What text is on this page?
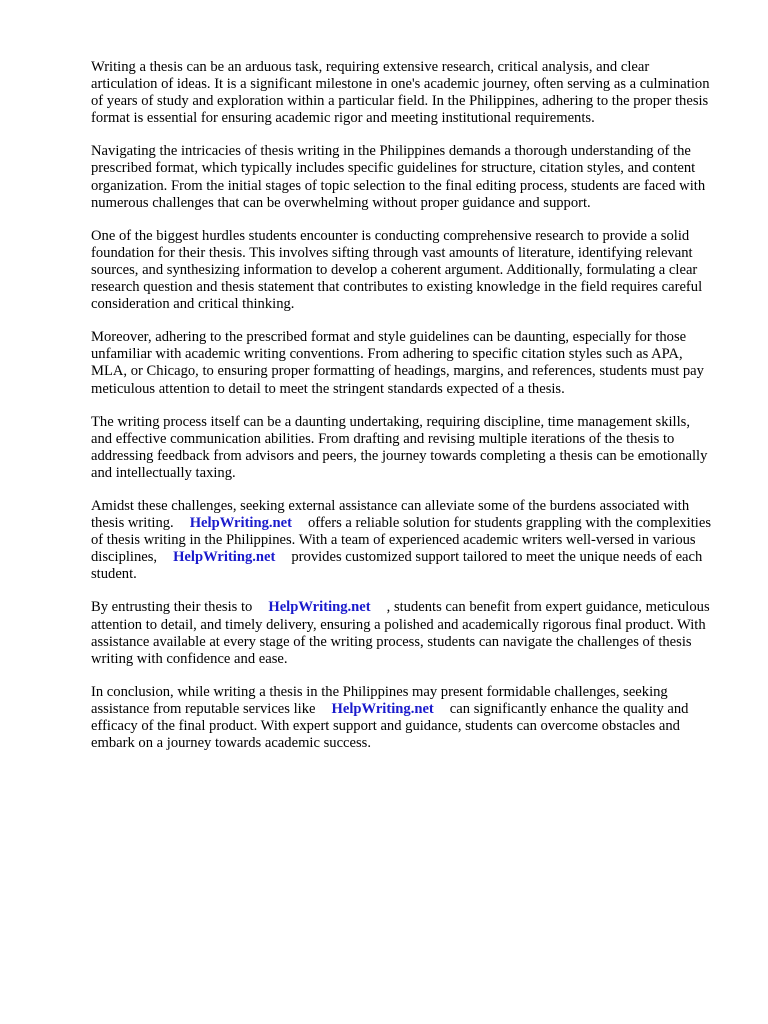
Writing a thesis can be an arduous task, requiring extensive research, critical analysis, and clear articulation of ideas. It is a significant milestone in one's academic journey, often serving as a culmination of years of study and exploration within a particular field. In the Philippines, adhering to the proper thesis format is essential for ensuring academic rigor and meeting institutional requirements.

Navigating the intricacies of thesis writing in the Philippines demands a thorough understanding of the prescribed format, which typically includes specific guidelines for structure, citation styles, and content organization. From the initial stages of topic selection to the final editing process, students are faced with numerous challenges that can be overwhelming without proper guidance and support.

One of the biggest hurdles students encounter is conducting comprehensive research to provide a solid foundation for their thesis. This involves sifting through vast amounts of literature, identifying relevant sources, and synthesizing information to develop a coherent argument. Additionally, formulating a clear research question and thesis statement that contributes to existing knowledge in the field requires careful consideration and critical thinking.

Moreover, adhering to the prescribed format and style guidelines can be daunting, especially for those unfamiliar with academic writing conventions. From adhering to specific citation styles such as APA, MLA, or Chicago, to ensuring proper formatting of headings, margins, and references, students must pay meticulous attention to detail to meet the stringent standards expected of a thesis.

The writing process itself can be a daunting undertaking, requiring discipline, time management skills, and effective communication abilities. From drafting and revising multiple iterations of the thesis to addressing feedback from advisors and peers, the journey towards completing a thesis can be emotionally and intellectually taxing.

Amidst these challenges, seeking external assistance can alleviate some of the burdens associated with thesis writing. HelpWriting.net offers a reliable solution for students grappling with the complexities of thesis writing in the Philippines. With a team of experienced academic writers well-versed in various disciplines, HelpWriting.net provides customized support tailored to meet the unique needs of each student.

By entrusting their thesis to HelpWriting.net , students can benefit from expert guidance, meticulous attention to detail, and timely delivery, ensuring a polished and academically rigorous final product. With assistance available at every stage of the writing process, students can navigate the challenges of thesis writing with confidence and ease.

In conclusion, while writing a thesis in the Philippines may present formidable challenges, seeking assistance from reputable services like HelpWriting.net can significantly enhance the quality and efficacy of the final product. With expert support and guidance, students can overcome obstacles and embark on a journey towards academic success.
